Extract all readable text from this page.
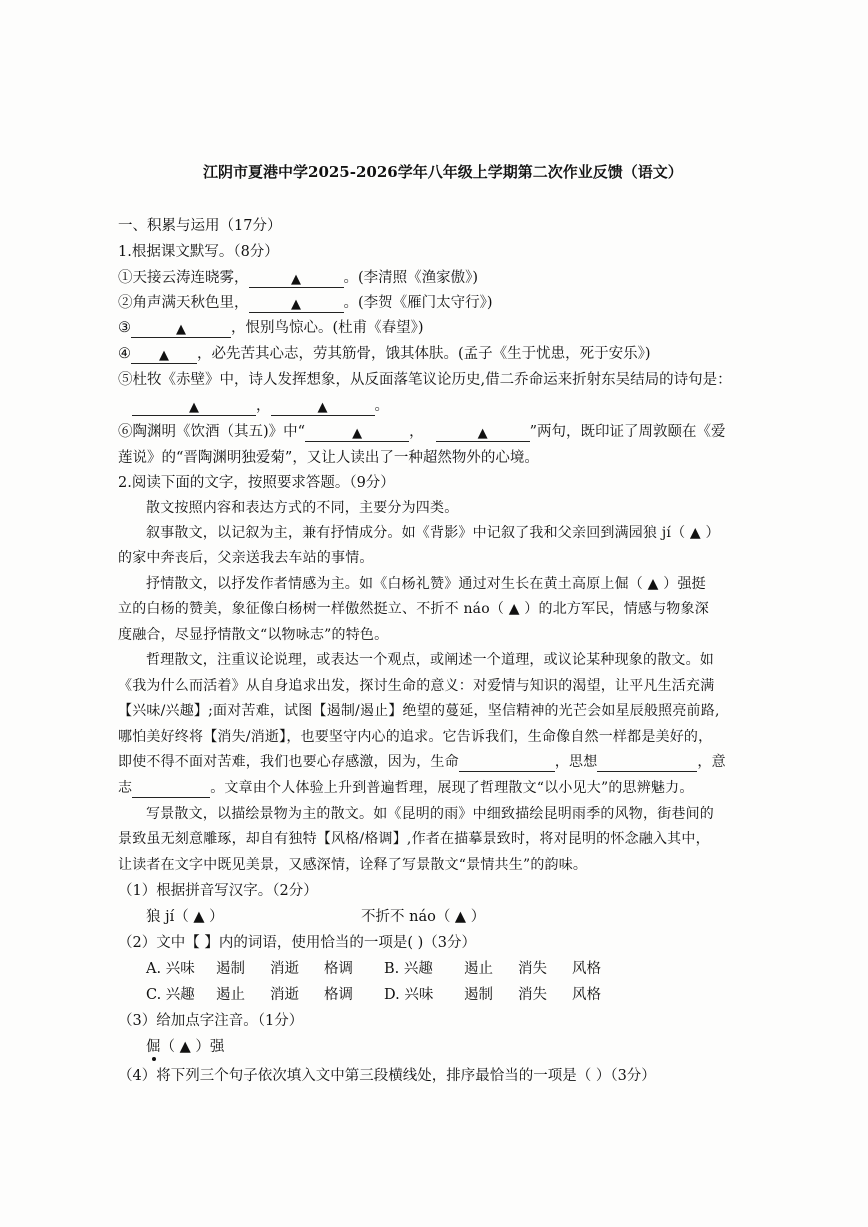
江阴市夏港中学2025-2026学年八年级上学期第二次作业反馈（语文）
一、积累与运用（17分）
1.根据课文默写。（8分）
①天接云涛连晓雾，	▲	。(李清照《渔家傲》)
②角声满天秋色里，	▲	。(李贺《雁门太守行》)
③	▲	，恨别鸟惊心。(杜甫《春望》)
④ ▲ ，必先苦其心志，劳其筋骨，饿其体肤。(孟子《生于忧患，死于安乐》)
⑤杜牧《赤壁》中，诗人发挥想象，从反面落笔议论历史,借二乔命运来折射东吴结局的诗句是：
▲	，	▲	。
⑥陶渊明《饮酒（其五)》中“	▲	，	▲	”两句，既印证了周敦颐在《爱
莲说》的“晋陶渊明独爱菊”，又让人读出了一种超然物外的心境。
2.阅读下面的文字，按照要求答题。（9分）
散文按照内容和表达方式的不同，主要分为四类。
叙事散文，以记叙为主，兼有抒情成分。如《背影》中记叙了我和父亲回到满园狼 jí（ ▲ ）
的家中奔丧后，父亲送我去车站的事情。
抒情散文，以抒发作者情感为主。如《白杨礼赞》通过对生长在黄土高原上倔（ ▲ ）强挺
立的白杨的赞美，象征像白杨树一样傲然挺立、不折不 náo（ ▲ ）的北方军民，情感与物象深
度融合，尽显抒情散文“以物咏志”的特色。
哲理散文，注重议论说理，或表达一个观点，或阐述一个道理，或议论某种现象的散文。如
《我为什么而活着》从自身追求出发，探讨生命的意义：对爱情与知识的渴望，让平凡生活充满
【兴味/兴趣】;面对苦难，试图【遏制/遏止】绝望的蔓延，坚信精神的光芒会如星辰般照亮前路,
哪怕美好终将【消失/消逝】，也要坚守内心的追求。它告诉我们，生命像自然一样都是美好的，
即使不得不面对苦难，我们也要心存感激，因为，生命	，思想	，意
志	。文章由个人体验上升到普遍哲理，展现了哲理散文“以小见大”的思辨魅力。
写景散文，以描绘景物为主的散文。如《昆明的雨》中细致描绘昆明雨季的风物，街巷间的
景致虽无刻意雕琢，却自有独特【风格/格调】,作者在描摹景致时，将对昆明的怀念融入其中，
让读者在文字中既见美景，又感深情，诠释了写景散文“景情共生”的韵味。
（1）根据拼音写汉字。（2分）
狼 jí（ ▲ ）	不折不 náo（ ▲ ）
（2）文中【 】内的词语，使用恰当的一项是( )（3分）
A. 兴味 遏制 消逝 格调 B. 兴趣 遏止 消失 风格
C. 兴趣 遏止 消逝 格调 D. 兴味 遏制 消失 风格
（3）给加点字注音。（1分）
倔（ ▲ ）强
（4）将下列三个句子依次填入文中第三段横线处，排序最恰当的一项是（ ）（3分）
